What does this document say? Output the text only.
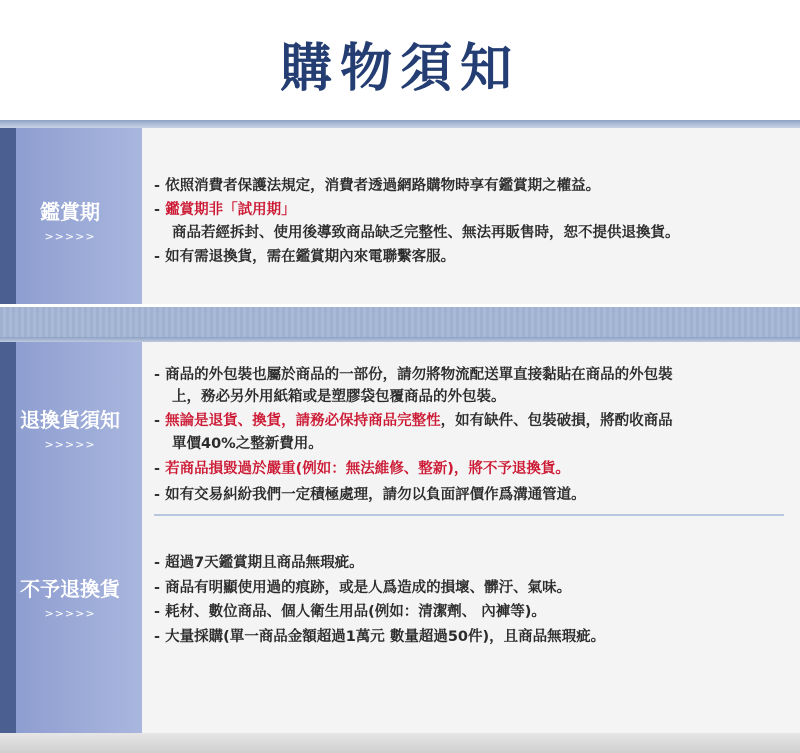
購物須知
鑑賞期
>>>>>
- 依照消費者保護法規定，消費者透過網路購物時享有鑑賞期之權益。
- 鑑賞期非「試用期」
商品若經拆封、使用後導致商品缺乏完整性、無法再販售時，恕不提供退換貨。
- 如有需退換貨，需在鑑賞期內來電聯繫客服。
退換貨須知
>>>>>
不予退換貨
>>>>>
- 商品的外包裝也屬於商品的一部份，請勿將物流配送單直接黏貼在商品的外包裝
上，務必另外用紙箱或是塑膠袋包覆商品的外包裝。
- 無論是退貨、換貨，請務必保持商品完整性，如有缺件、包裝破損，將酌收商品
單價40%之整新費用。
- 若商品損毀過於嚴重(例如：無法維修、整新)，將不予退換貨。
- 如有交易糾紛我們一定積極處理，請勿以負面評價作爲溝通管道。
- 超過7天鑑賞期且商品無瑕疵。
- 商品有明顯使用過的痕跡，或是人爲造成的損壞、髒汙、氣味。
- 耗材、數位商品、個人衛生用品(例如：清潔劑、 內褲等)。
- 大量採購(單一商品金額超過1萬元 數量超過50件)，且商品無瑕疵。
